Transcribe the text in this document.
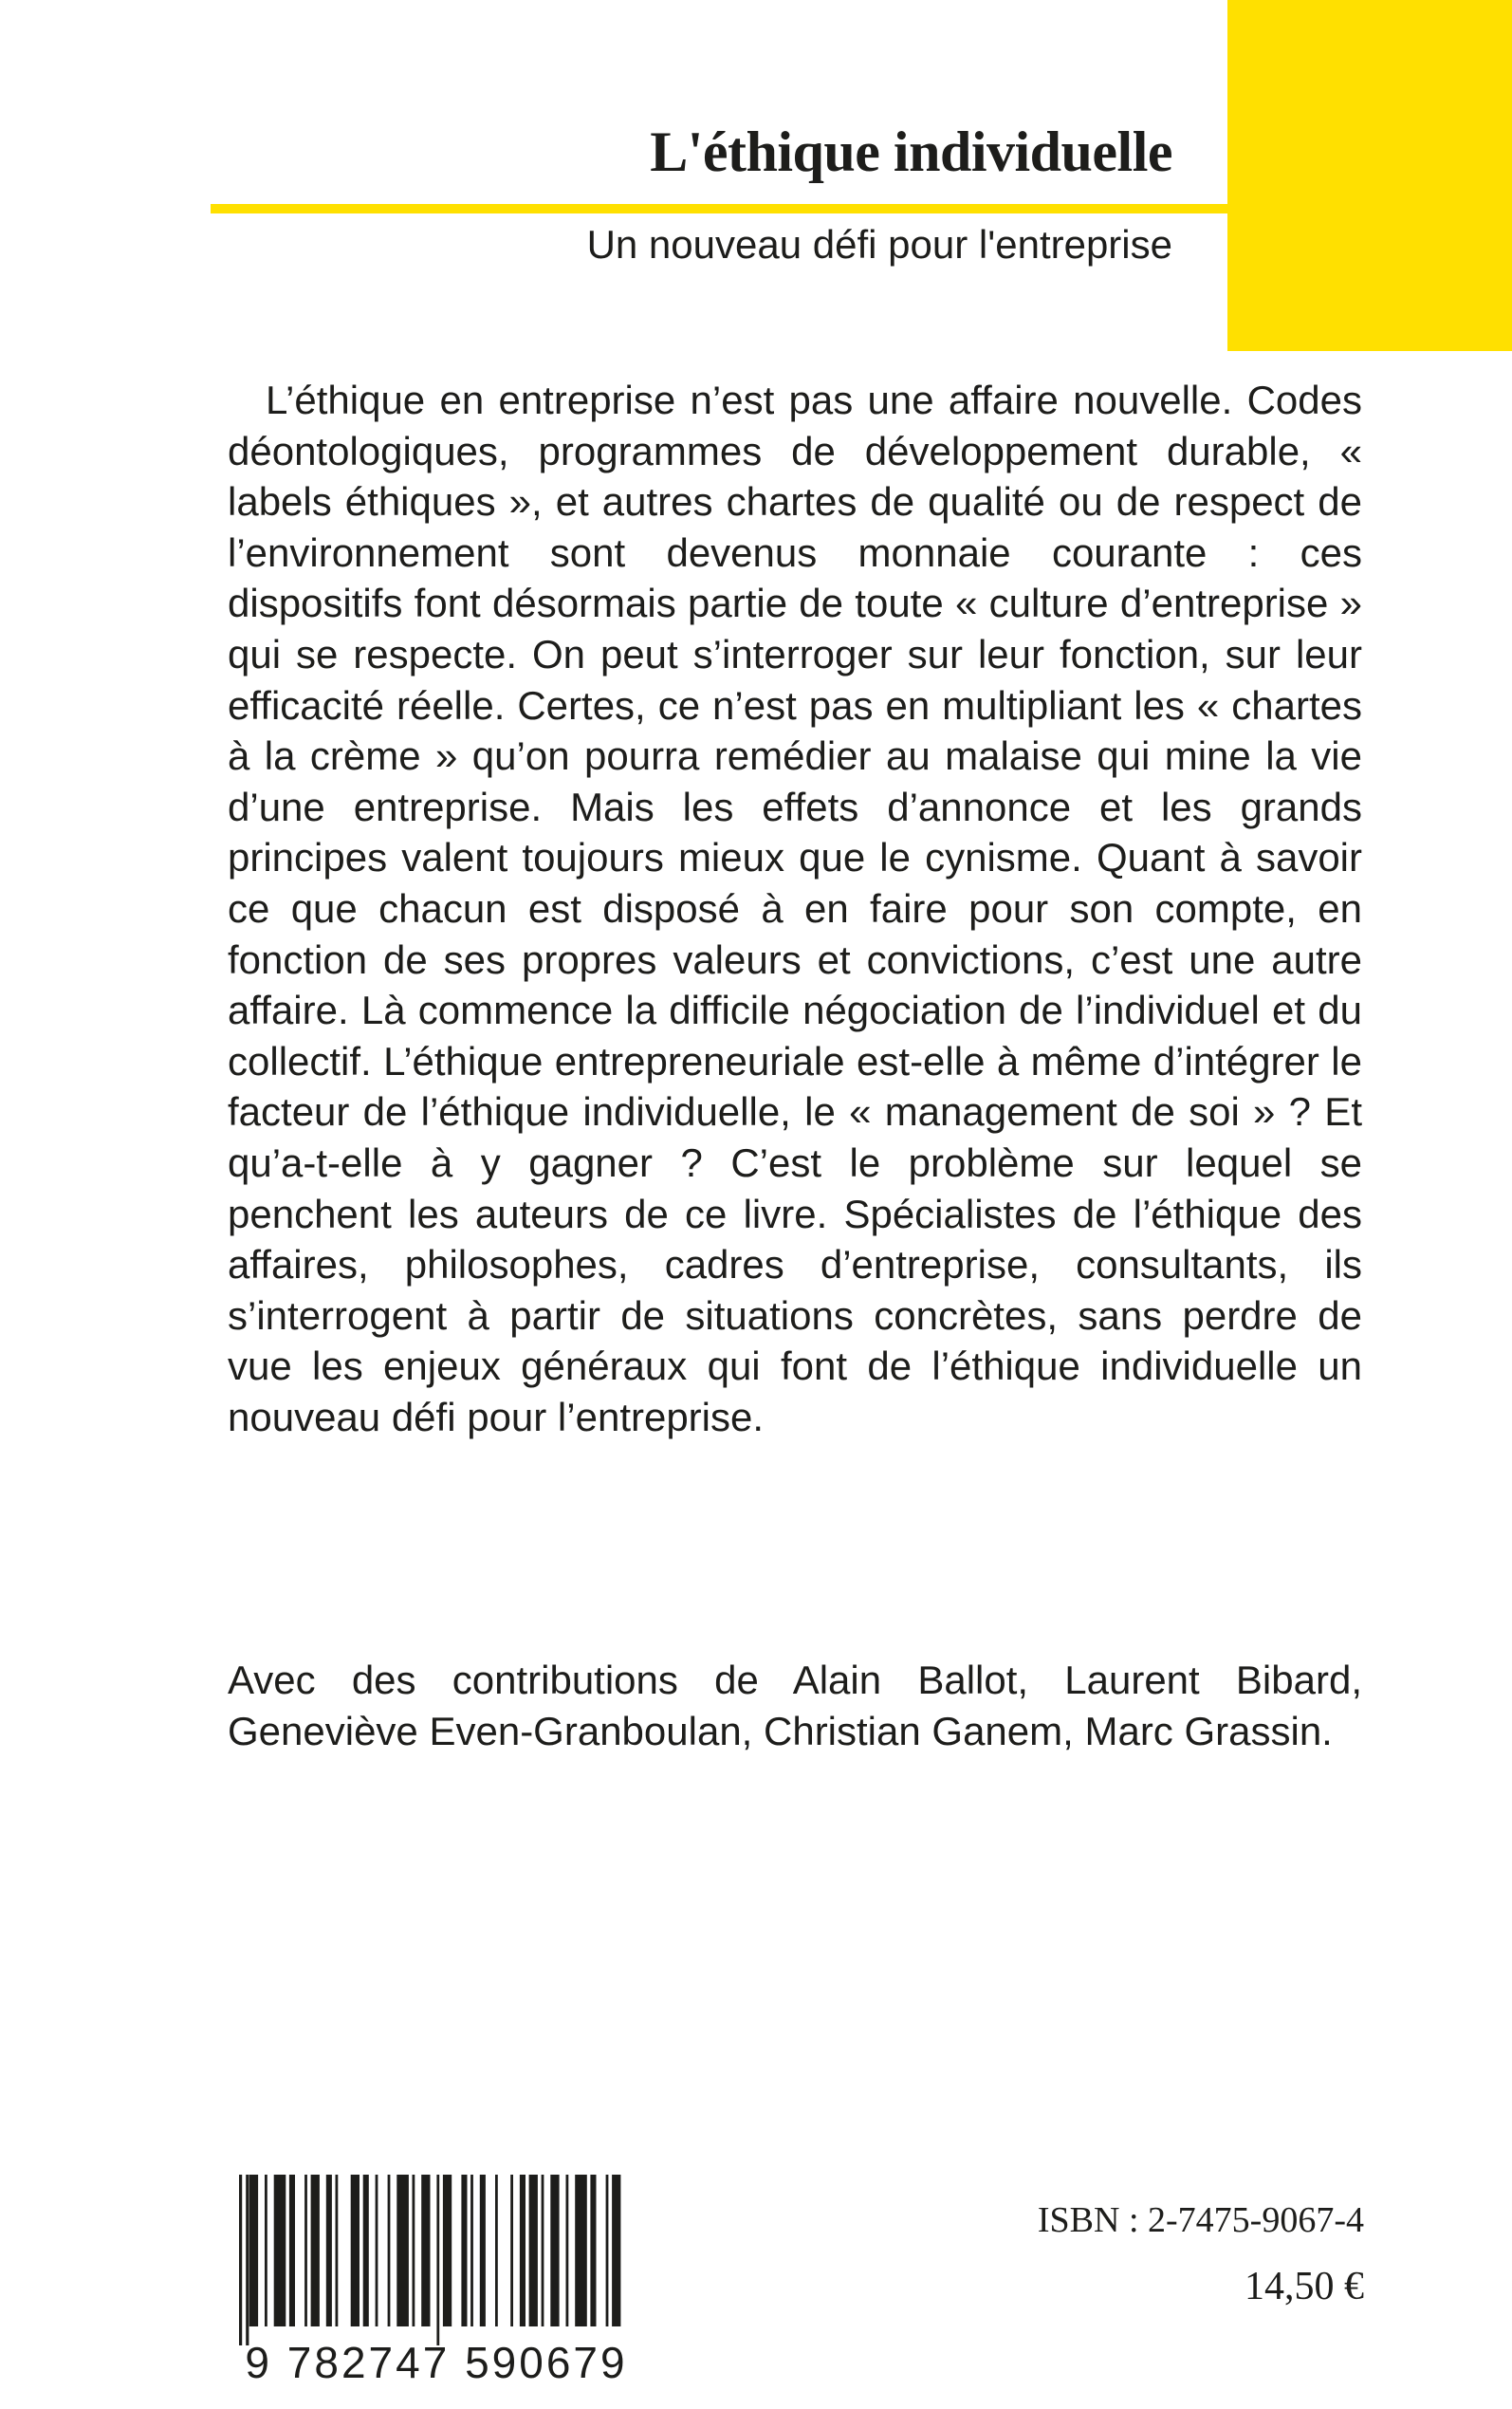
L'éthique individuelle
Un nouveau défi pour l'entreprise

L’éthique en entreprise n’est pas une affaire nouvelle. Codes déontologiques, programmes de développement durable, « labels éthiques », et autres chartes de qualité ou de respect de l’environnement sont devenus monnaie courante : ces dispositifs font désormais partie de toute « culture d’entreprise » qui se respecte. On peut s’interroger sur leur fonction, sur leur efficacité réelle. Certes, ce n’est pas en multipliant les « chartes à la crème » qu’on pourra remédier au malaise qui mine la vie d’une entreprise. Mais les effets d’annonce et les grands principes valent toujours mieux que le cynisme. Quant à savoir ce que chacun est disposé à en faire pour son compte, en fonction de ses propres valeurs et convictions, c’est une autre affaire. Là commence la difficile négociation de l’individuel et du collectif. L’éthique entrepreneuriale est-elle à même d’intégrer le facteur de l’éthique individuelle, le « management de soi » ? Et qu’a-t-elle à y gagner ? C’est le problème sur lequel se penchent les auteurs de ce livre. Spécialistes de l’éthique des affaires, philosophes, cadres d’entreprise, consultants, ils s’interrogent à partir de situations concrètes, sans perdre de vue les enjeux généraux qui font de l’éthique individuelle un nouveau défi pour l’entreprise.

Avec des contributions de Alain Ballot, Laurent Bibard, Geneviève Even-Granboulan, Christian Ganem, Marc Grassin.

9 782747 590679
ISBN : 2-7475-9067-4
14,50 €
